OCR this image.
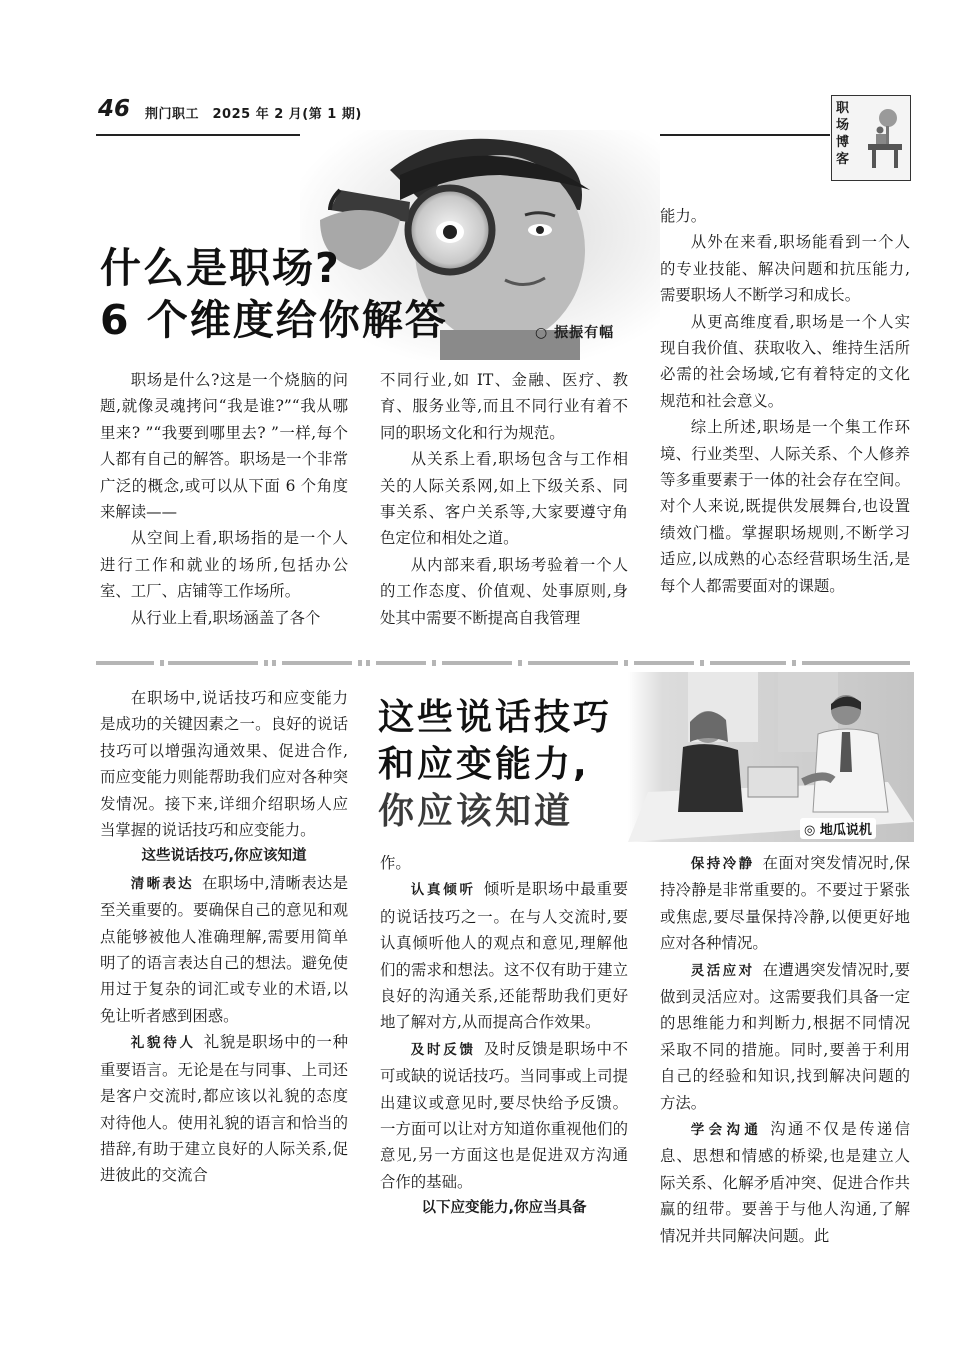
46 荆门职工　2025 年 2 月(第 1 期)	职场博客
什么是职场?
6 个维度给你解答	○ 振振有幅

职场是什么?这是一个烧脑的问题,就像灵魂拷问“我是谁?”“我从哪里来? ”“我要到哪里去? ”一样,每个人都有自己的解答。职场是一个非常广泛的概念,或可以从下面 6 个角度来解读——

从空间上看,职场指的是一个人进行工作和就业的场所,包括办公室、工厂、店铺等工作场所。

从行业上看,职场涵盖了各个

不同行业,如 IT、金融、医疗、教育、服务业等,而且不同行业有着不同的职场文化和行为规范。

从关系上看,职场包含与工作相关的人际关系网,如上下级关系、同事关系、客户关系等,大家要遵守角色定位和相处之道。

从内部来看,职场考验着一个人的工作态度、价值观、处事原则,身处其中需要不断提高自我管理

能力。

从外在来看,职场能看到一个人的专业技能、解决问题和抗压能力,需要职场人不断学习和成长。

从更高维度看,职场是一个人实现自我价值、获取收入、维持生活所必需的社会场域,它有着特定的文化规范和社会意义。

综上所述,职场是一个集工作环境、行业类型、人际关系、个人修养等多重要素于一体的社会存在空间。对个人来说,既提供发展舞台,也设置绩效门槛。掌握职场规则,不断学习适应,以成熟的心态经营职场生活,是每个人都需要面对的课题。

这些说话技巧
和应变能力,
你应该知道	◎ 地瓜说机

在职场中,说话技巧和应变能力是成功的关键因素之一。良好的说话技巧可以增强沟通效果、促进合作,而应变能力则能帮助我们应对各种突发情况。接下来,详细介绍职场人应当掌握的说话技巧和应变能力。

这些说话技巧,你应该知道

清晰表达 在职场中,清晰表达是至关重要的。要确保自己的意见和观点能够被他人准确理解,需要用简单明了的语言表达自己的想法。避免使用过于复杂的词汇或专业的术语,以免让听者感到困惑。

礼貌待人 礼貌是职场中的一种重要语言。无论是在与同事、上司还是客户交流时,都应该以礼貌的态度对待他人。使用礼貌的语言和恰当的措辞,有助于建立良好的人际关系,促进彼此的交流合

作。

认真倾听 倾听是职场中最重要的说话技巧之一。在与人交流时,要认真倾听他人的观点和意见,理解他们的需求和想法。这不仅有助于建立良好的沟通关系,还能帮助我们更好地了解对方,从而提高合作效果。

及时反馈 及时反馈是职场中不可或缺的说话技巧。当同事或上司提出建议或意见时,要尽快给予反馈。一方面可以让对方知道你重视他们的意见,另一方面这也是促进双方沟通合作的基础。

以下应变能力,你应当具备

保持冷静 在面对突发情况时,保持冷静是非常重要的。不要过于紧张或焦虑,要尽量保持冷静,以便更好地应对各种情况。

灵活应对 在遭遇突发情况时,要做到灵活应对。这需要我们具备一定的思维能力和判断力,根据不同情况采取不同的措施。同时,要善于利用自己的经验和知识,找到解决问题的方法。

学会沟通 沟通不仅是传递信息、思想和情感的桥梁,也是建立人际关系、化解矛盾冲突、促进合作共赢的纽带。要善于与他人沟通,了解情况并共同解决问题。此
